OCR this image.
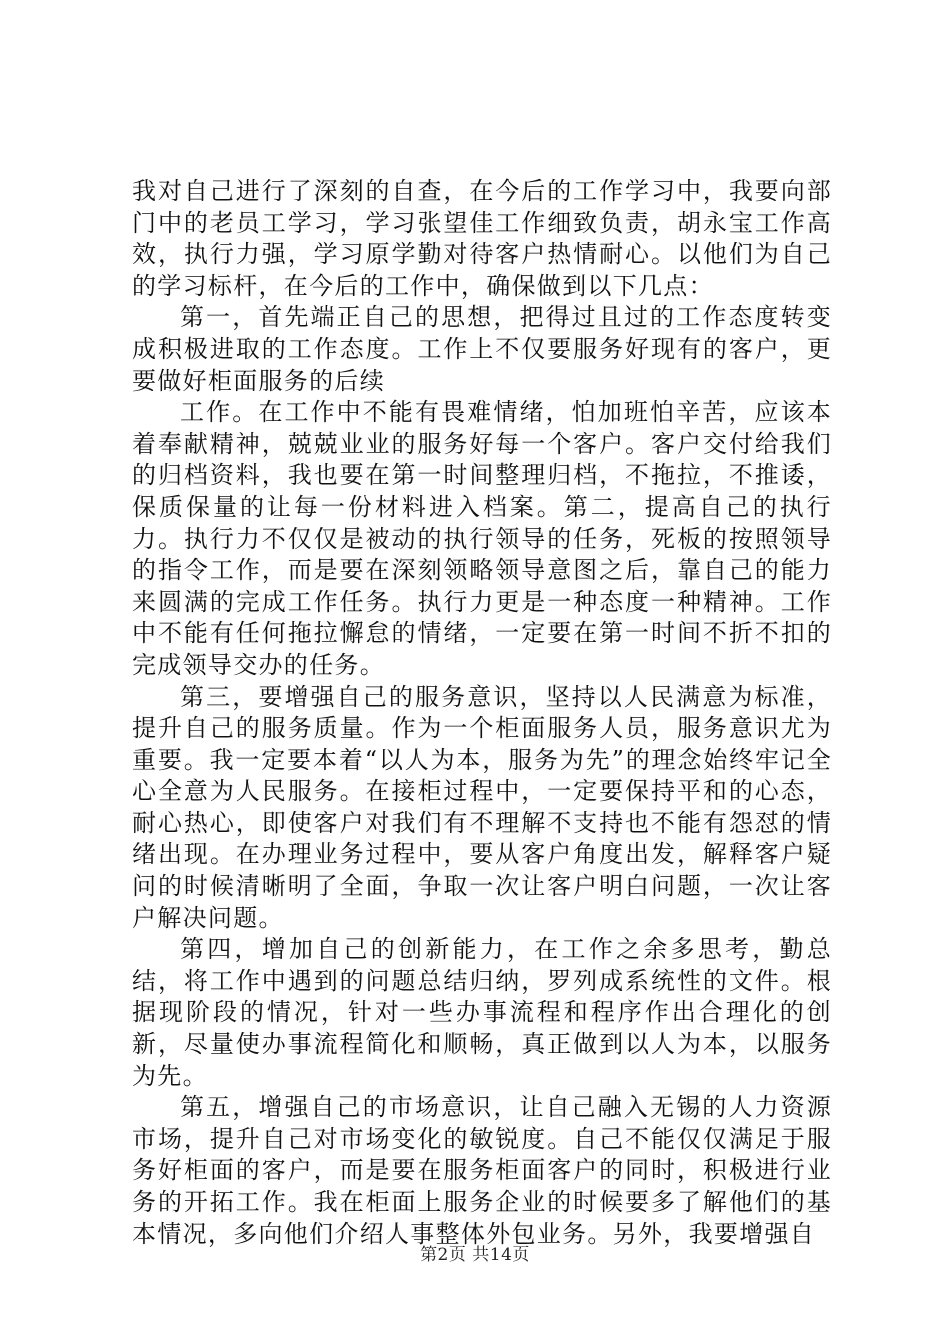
我对自己进行了深刻的自查，在今后的工作学习中，我要向部门中的老员工学习，学习张望佳工作细致负责，胡永宝工作高效，执行力强，学习原学勤对待客户热情耐心。以他们为自己的学习标杆，在今后的工作中，确保做到以下几点：

第一，首先端正自己的思想，把得过且过的工作态度转变成积极进取的工作态度。工作上不仅要服务好现有的客户，更要做好柜面服务的后续

工作。在工作中不能有畏难情绪，怕加班怕辛苦，应该本着奉献精神，兢兢业业的服务好每一个客户。客户交付给我们的归档资料，我也要在第一时间整理归档，不拖拉，不推诿，保质保量的让每一份材料进入档案。第二，提高自己的执行力。执行力不仅仅是被动的执行领导的任务，死板的按照领导的指令工作，而是要在深刻领略领导意图之后，靠自己的能力来圆满的完成工作任务。执行力更是一种态度一种精神。工作中不能有任何拖拉懈怠的情绪，一定要在第一时间不折不扣的完成领导交办的任务。

第三，要增强自己的服务意识，坚持以人民满意为标准，提升自己的服务质量。作为一个柜面服务人员，服务意识尤为重要。我一定要本着“以人为本，服务为先”的理念始终牢记全心全意为人民服务。在接柜过程中，一定要保持平和的心态，耐心热心，即使客户对我们有不理解不支持也不能有怨怼的情绪出现。在办理业务过程中，要从客户角度出发，解释客户疑问的时候清晰明了全面，争取一次让客户明白问题，一次让客户解决问题。

第四，增加自己的创新能力，在工作之余多思考，勤总结，将工作中遇到的问题总结归纳，罗列成系统性的文件。根据现阶段的情况，针对一些办事流程和程序作出合理化的创新，尽量使办事流程简化和顺畅，真正做到以人为本，以服务为先。

第五，增强自己的市场意识，让自己融入无锡的人力资源市场，提升自己对市场变化的敏锐度。自己不能仅仅满足于服务好柜面的客户，而是要在服务柜面客户的同时，积极进行业务的开拓工作。我在柜面上服务企业的时候要多了解他们的基本情况，多向他们介绍人事整体外包业务。另外，我要增强自

第2页 共14页
